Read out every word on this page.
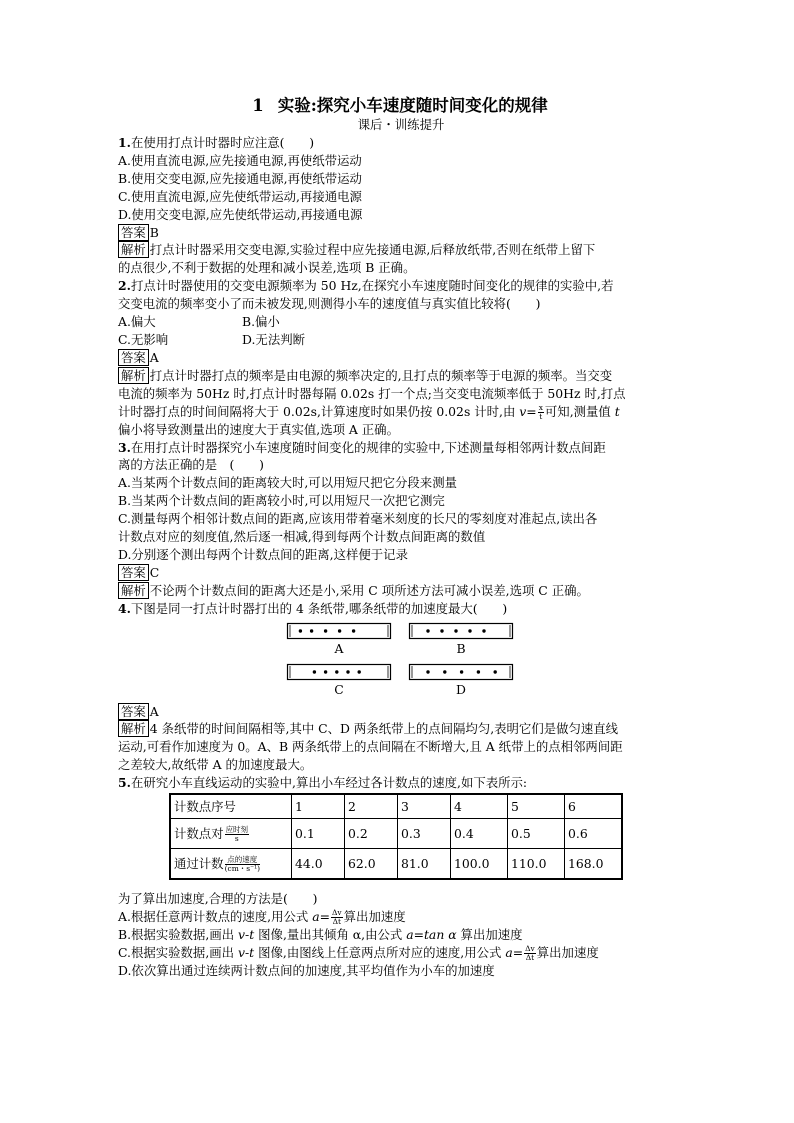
1 实验:探究小车速度随时间变化的规律
课后・训练提升
1.在使用打点计时器时应注意(　　)
A.使用直流电源,应先接通电源,再使纸带运动
B.使用交变电源,应先接通电源,再使纸带运动
C.使用直流电源,应先使纸带运动,再接通电源
D.使用交变电源,应先使纸带运动,再接通电源
答案 B
解析 打点计时器采用交变电源,实验过程中应先接通电源,后释放纸带,否则在纸带上留下
的点很少,不利于数据的处理和减小误差,选项 B 正确。
2.打点计时器使用的交变电源频率为 50 Hz,在探究小车速度随时间变化的规律的实验中,若
交变电流的频率变小了而未被发现,则测得小车的速度值与真实值比较将(　　)
A.偏大	B.偏小
C.无影响	D.无法判断
答案 A
解析 打点计时器打点的频率是由电源的频率决定的,且打点的频率等于电源的频率。当交变
电流的频率为 50Hz 时,打点计时器每隔 0.02s 打一个点;当交变电流频率低于 50Hz 时,打点
计时器打点的时间间隔将大于 0.02s,计算速度时如果仍按 0.02s 计时,由 $v= \frac{x}{t}$ 可知,测量值 t
偏小将导致测量出的速度大于真实值,选项 A 正确。
3.在用打点计时器探究小车速度随时间变化的规律的实验中,下述测量每相邻两计数点间距
离的方法正确的是　(　　)
A.当某两个计数点间的距离较大时,可以用短尺把它分段来测量
B.当某两个计数点间的距离较小时,可以用短尺一次把它测完
C.测量每两个相邻计数点间的距离,应该用带着毫米刻度的长尺的零刻度对准起点,读出各
计数点对应的刻度值,然后逐一相减,得到每两个计数点间距离的数值
D.分别逐个测出每两个计数点间的距离,这样便于记录
答案 C
解析 不论两个计数点间的距离大还是小,采用 C 项所述方法可减小误差,选项 C 正确。
4.下图是同一打点计时器打出的 4 条纸带,哪条纸带的加速度最大(　　)
A	B
C	D
答案 A
解析 4 条纸带的时间间隔相等,其中 C、D 两条纸带上的点间隔均匀,表明它们是做匀速直线
运动,可看作加速度为 0。A、B 两条纸带上的点间隔在不断增大,且 A 纸带上的点相邻两间距
之差较大,故纸带 A 的加速度最大。
5.在研究小车直线运动的实验中,算出小车经过各计数点的速度,如下表所示:
计数点序号	1	2	3	4	5	6
计数点对 $\frac{\text{应时刻}}{s}$	0.1	0.2	0.3	0.4	0.5	0.6
通过计数 $\frac{\text{点的速度}}{\text{(cm・s⁻¹)}}$	44.0	62.0	81.0	100.0	110.0	168.0
为了算出加速度,合理的方法是(　　)
A.根据任意两计数点的速度,用公式 $a= \frac{\Delta v}{\Delta t}$ 算出加速度
B.根据实验数据,画出 v-t 图像,量出其倾角 α,由公式 a=tan α 算出加速度
C.根据实验数据,画出 v-t 图像,由图线上任意两点所对应的速度,用公式 $a= \frac{\Delta v}{\Delta t}$ 算出加速度
D.依次算出通过连续两计数点间的加速度,其平均值作为小车的加速度
